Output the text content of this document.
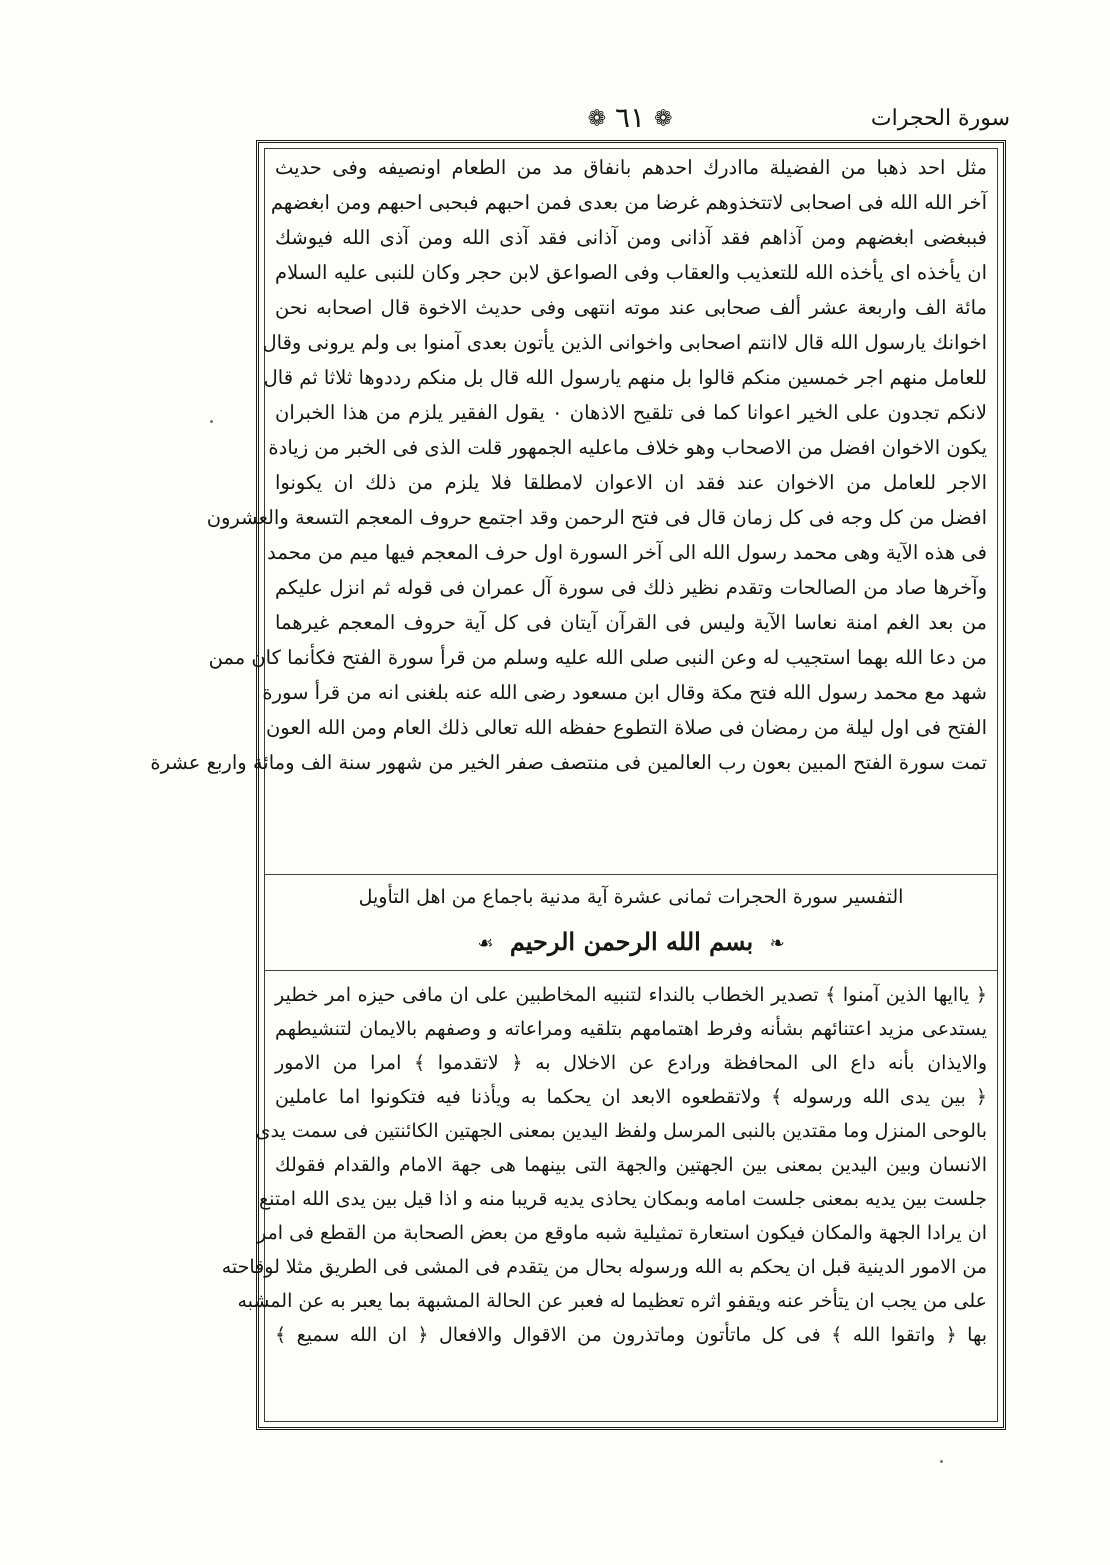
❁ ٦١ ❁	سورة الحجرات
مثل احد ذهبا من الفضيلة ماادرك احدهم بانفاق مد من الطعام اونصيفه وفى حديث
آخر الله الله فى اصحابى لاتتخذوهم غرضا من بعدى فمن احبهم فبحبى احبهم ومن ابغضهم
فببغضى ابغضهم ومن آذاهم فقد آذانى ومن آذانى فقد آذى الله ومن آذى الله فيوشك
ان يأخذه اى يأخذه الله للتعذيب والعقاب وفى الصواعق لابن حجر وكان للنبى عليه السلام
مائة الف واربعة عشر ألف صحابى عند موته انتهى وفى حديث الاخوة قال اصحابه نحن
اخوانك يارسول الله قال لاانتم اصحابى واخوانى الذين يأتون بعدى آمنوا بى ولم يرونى وقال
للعامل منهم اجر خمسين منكم قالوا بل منهم يارسول الله قال بل منكم رددوها ثلاثا ثم قال
لانكم تجدون على الخير اعوانا كما فى تلقيح الاذهان ٠ يقول الفقير يلزم من هذا الخبران
يكون الاخوان افضل من الاصحاب وهو خلاف ماعليه الجمهور قلت الذى فى الخبر من زيادة
الاجر للعامل من الاخوان عند فقد ان الاعوان لامطلقا فلا يلزم من ذلك ان يكونوا
افضل من كل وجه فى كل زمان قال فى فتح الرحمن وقد اجتمع حروف المعجم التسعة والعشرون
فى هذه الآية وهى محمد رسول الله الى آخر السورة اول حرف المعجم فيها ميم من محمد
وآخرها صاد من الصالحات وتقدم نظير ذلك فى سورة آل عمران فى قوله ثم انزل عليكم
من بعد الغم امنة نعاسا الآية وليس فى القرآن آيتان فى كل آية حروف المعجم غيرهما
من دعا الله بهما استجيب له وعن النبى صلى الله عليه وسلم من قرأ سورة الفتح فكأنما كان ممن
شهد مع محمد رسول الله فتح مكة وقال ابن مسعود رضى الله عنه بلغنى انه من قرأ سورة
الفتح فى اول ليلة من رمضان فى صلاة التطوع حفظه الله تعالى ذلك العام ومن الله العون
تمت سورة الفتح المبين بعون رب العالمين فى منتصف صفر الخير من شهور سنة الف ومائة واربع عشرة
التفسير سورة الحجرات ثمانى عشرة آية مدنية باجماع من اهل التأويل
❧ بسم الله الرحمن الرحيم ☙
﴿ ياايها الذين آمنوا ﴾ تصدير الخطاب بالنداء لتنبيه المخاطبين على ان مافى حيزه امر خطير
يستدعى مزيد اعتنائهم بشأنه وفرط اهتمامهم بتلقيه ومراعاته و وصفهم بالايمان لتنشيطهم
والايذان بأنه داع الى المحافظة ورادع عن الاخلال به ﴿ لاتقدموا ﴾ امرا من الامور
﴿ بين يدى الله ورسوله ﴾ ولاتقطعوه الابعد ان يحكما به ويأذنا فيه فتكونوا اما عاملين
بالوحى المنزل وما مقتدين بالنبى المرسل ولفظ اليدين بمعنى الجهتين الكائنتين فى سمت يدى
الانسان وبين اليدين بمعنى بين الجهتين والجهة التى بينهما هى جهة الامام والقدام فقولك
جلست بين يديه بمعنى جلست امامه وبمكان يحاذى يديه قريبا منه و اذا قيل بين يدى الله امتنع
ان يرادا الجهة والمكان فيكون استعارة تمثيلية شبه ماوقع من بعض الصحابة من القطع فى امر
من الامور الدينية قبل ان يحكم به الله ورسوله بحال من يتقدم فى المشى فى الطريق مثلا لوقاحته
على من يجب ان يتأخر عنه ويقفو اثره تعظيما له فعبر عن الحالة المشبهة بما يعبر به عن المشبه
بها ﴿ واتقوا الله ﴾ فى كل ماتأتون وماتذرون من الاقوال والافعال ﴿ ان الله سميع ﴾
